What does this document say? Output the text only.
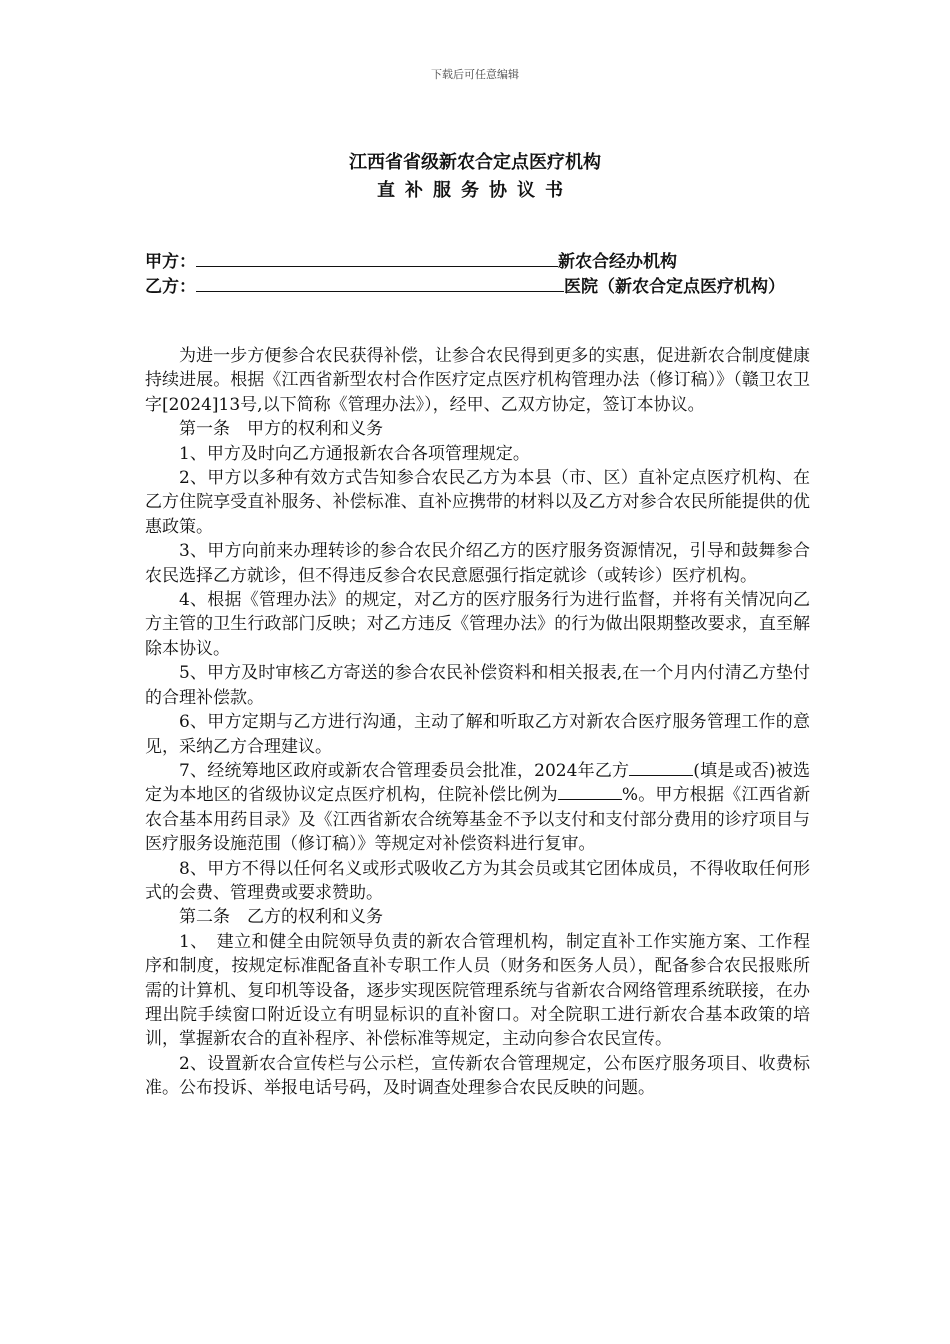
下载后可任意编辑
江西省省级新农合定点医疗机构
直补服务协议书
甲方：	新农合经办机构
乙方：	医院（新农合定点医疗机构）

为进一步方便参合农民获得补偿，让参合农民得到更多的实惠，促进新农合制度健康持续进展。根据《江西省新型农村合作医疗定点医疗机构管理办法（修订稿）》（赣卫农卫字[2024]13号,以下简称《管理办法》），经甲、乙双方协定，签订本协议。

第一条　甲方的权利和义务

1、甲方及时向乙方通报新农合各项管理规定。

2、甲方以多种有效方式告知参合农民乙方为本县（市、区）直补定点医疗机构、在乙方住院享受直补服务、补偿标准、直补应携带的材料以及乙方对参合农民所能提供的优惠政策。

3、甲方向前来办理转诊的参合农民介绍乙方的医疗服务资源情况，引导和鼓舞参合农民选择乙方就诊，但不得违反参合农民意愿强行指定就诊（或转诊）医疗机构。

4、根据《管理办法》的规定，对乙方的医疗服务行为进行监督，并将有关情况向乙方主管的卫生行政部门反映；对乙方违反《管理办法》的行为做出限期整改要求，直至解除本协议。

5、甲方及时审核乙方寄送的参合农民补偿资料和相关报表,在一个月内付清乙方垫付的合理补偿款。

6、甲方定期与乙方进行沟通，主动了解和听取乙方对新农合医疗服务管理工作的意见，采纳乙方合理建议。

7、经统筹地区政府或新农合管理委员会批准，2024年乙方	(填是或否)被选定为本地区的省级协议定点医疗机构，住院补偿比例为	%。甲方根据《江西省新农合基本用药目录》及《江西省新农合统筹基金不予以支付和支付部分费用的诊疗项目与医疗服务设施范围（修订稿）》等规定对补偿资料进行复审。

8、甲方不得以任何名义或形式吸收乙方为其会员或其它团体成员，不得收取任何形式的会费、管理费或要求赞助。

第二条　乙方的权利和义务

1、　建立和健全由院领导负责的新农合管理机构，制定直补工作实施方案、工作程序和制度，按规定标准配备直补专职工作人员（财务和医务人员），配备参合农民报账所需的计算机、复印机等设备，逐步实现医院管理系统与省新农合网络管理系统联接，在办理出院手续窗口附近设立有明显标识的直补窗口。对全院职工进行新农合基本政策的培训，掌握新农合的直补程序、补偿标准等规定，主动向参合农民宣传。

2、设置新农合宣传栏与公示栏，宣传新农合管理规定，公布医疗服务项目、收费标准。公布投诉、举报电话号码，及时调查处理参合农民反映的问题。
